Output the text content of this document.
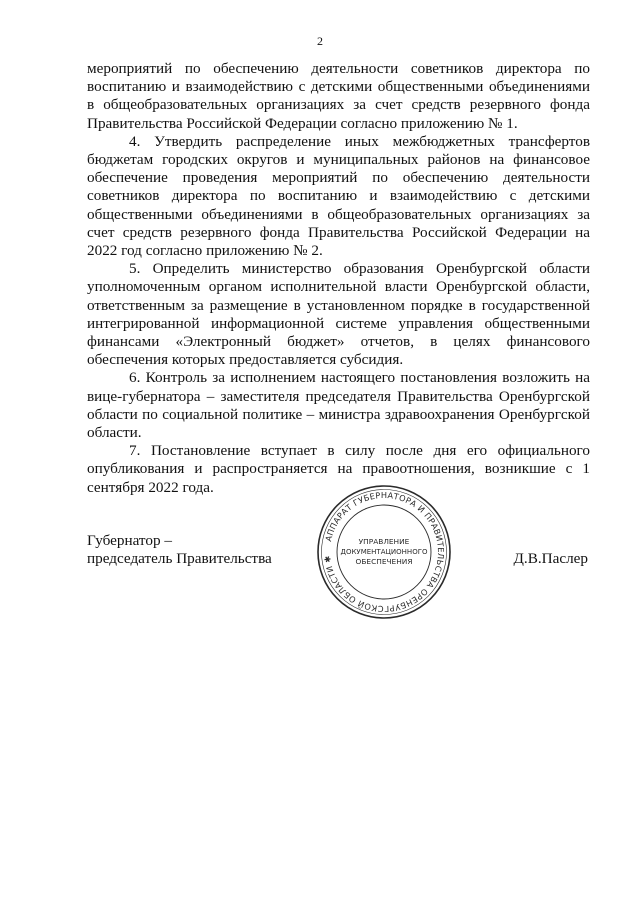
2

мероприятий по обеспечению деятельности советников директора по воспитанию и взаимодействию с детскими общественными объединениями в общеобразовательных организациях за счет средств резервного фонда Правительства Российской Федерации согласно приложению № 1.

4. Утвердить распределение иных межбюджетных трансфертов бюджетам городских округов и муниципальных районов на финансовое обеспечение проведения мероприятий по обеспечению деятельности советников директора по воспитанию и взаимодействию с детскими общественными объединениями в общеобразовательных организациях за счет средств резервного фонда Правительства Российской Федерации на 2022 год согласно приложению № 2.

5. Определить министерство образования Оренбургской области уполномоченным органом исполнительной власти Оренбургской области, ответственным за размещение в установленном порядке в государственной интегрированной информационной системе управления общественными финансами «Электронный бюджет» отчетов, в целях финансового обеспечения которых предоставляется субсидия.

6. Контроль за исполнением настоящего постановления возложить на вице-губернатора – заместителя председателя Правительства Оренбургской области по социальной политике – министра здравоохранения Оренбургской области.

7. Постановление вступает в силу после дня его официального опубликования и распространяется на правоотношения, возникшие с 1 сентября 2022 года.

Губернатор –
председатель Правительства	Д.В.Паслер
АППАРАТ ГУБЕРНАТОРА И ПРАВИТЕЛЬСТВА ОРЕНБУРГСКОЙ ОБЛАСТИ ✱
УПРАВЛЕНИЕ
ДОКУМЕНТАЦИОННОГО
ОБЕСПЕЧЕНИЯ
